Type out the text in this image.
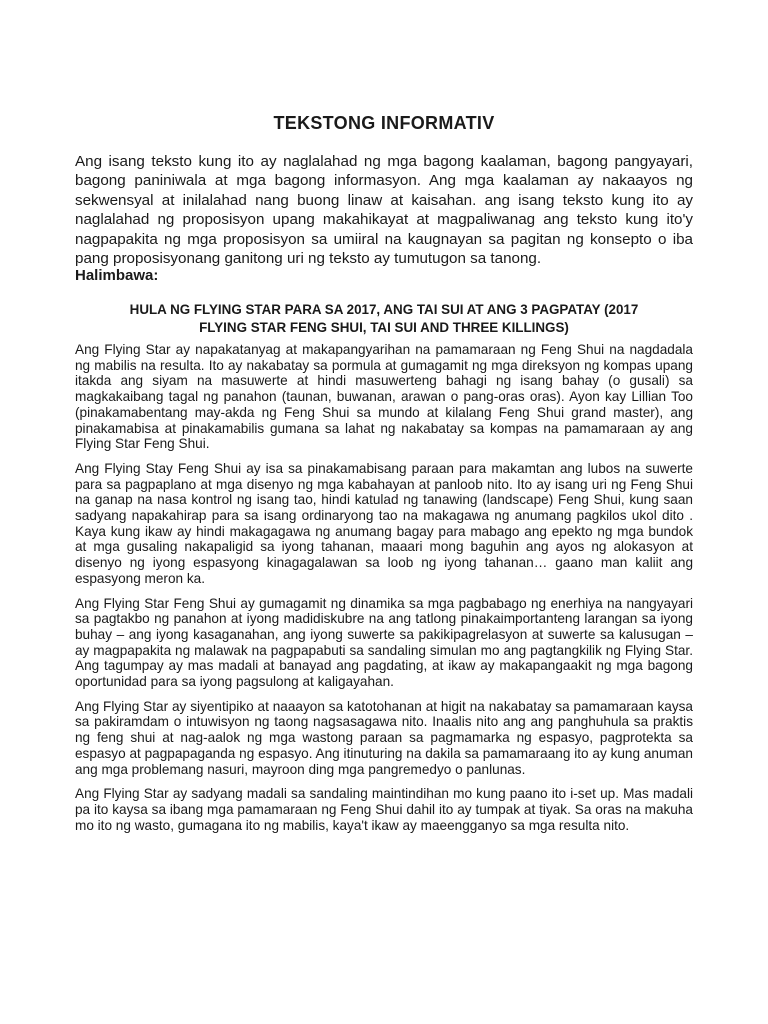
TEKSTONG INFORMATIV

Ang isang teksto kung ito ay naglalahad ng mga bagong kaalaman, bagong pangyayari, bagong paniniwala at mga bagong informasyon. Ang mga kaalaman ay nakaayos ng sekwensyal at inilalahad nang buong linaw at kaisahan. ang isang teksto kung ito ay naglalahad ng proposisyon upang makahikayat at magpaliwanag ang teksto kung ito'y nagpapakita ng mga proposisyon sa umiiral na kaugnayan sa pagitan ng konsepto o iba pang proposisyonang ganitong uri ng teksto ay tumutugon sa tanong.

Halimbawa:
HULA NG FLYING STAR PARA SA 2017, ANG TAI SUI AT ANG 3 PAGPATAY (2017
FLYING STAR FENG SHUI, TAI SUI AND THREE KILLINGS)

Ang Flying Star ay napakatanyag at makapangyarihan na pamamaraan ng Feng Shui na nagdadala ng mabilis na resulta. Ito ay nakabatay sa pormula at gumagamit ng mga direksyon ng kompas upang itakda ang siyam na masuwerte at hindi masuwerteng bahagi ng isang bahay (o gusali) sa magkakaibang tagal ng panahon (taunan, buwanan, arawan o pang-oras oras). Ayon kay Lillian Too (pinakamabentang may-akda ng Feng Shui sa mundo at kilalang Feng Shui grand master), ang pinakamabisa at pinakamabilis gumana sa lahat ng nakabatay sa kompas na pamamaraan ay ang Flying Star Feng Shui.

Ang Flying Stay Feng Shui ay isa sa pinakamabisang paraan para makamtan ang lubos na suwerte para sa pagpaplano at mga disenyo ng mga kabahayan at panloob nito. Ito ay isang uri ng Feng Shui na ganap na nasa kontrol ng isang tao, hindi katulad ng tanawing (landscape) Feng Shui, kung saan sadyang napakahirap para sa isang ordinaryong tao na makagawa ng anumang pagkilos ukol dito . Kaya kung ikaw ay hindi makagagawa ng anumang bagay para mabago ang epekto ng mga bundok at mga gusaling nakapaligid sa iyong tahanan, maaari mong baguhin ang ayos ng alokasyon at disenyo ng iyong espasyong kinagagalawan sa loob ng iyong tahanan… gaano man kaliit ang espasyong meron ka.

Ang Flying Star Feng Shui ay gumagamit ng dinamika sa mga pagbabago ng enerhiya na nangyayari sa pagtakbo ng panahon at iyong madidiskubre na ang tatlong pinakaimportanteng larangan sa iyong buhay – ang iyong kasaganahan, ang iyong suwerte sa pakikipagrelasyon at suwerte sa kalusugan – ay magpapakita ng malawak na pagpapabuti sa sandaling simulan mo ang pagtangkilik ng Flying Star. Ang tagumpay ay mas madali at banayad ang pagdating, at ikaw ay makapangaakit ng mga bagong oportunidad para sa iyong pagsulong at kaligayahan.

Ang Flying Star ay siyentipiko at naaayon sa katotohanan at higit na nakabatay sa pamamaraan kaysa sa pakiramdam o intuwisyon ng taong nagsasagawa nito. Inaalis nito ang ang panghuhula sa praktis ng feng shui at nag-aalok ng mga wastong paraan sa pagmamarka ng espasyo, pagprotekta sa espasyo at pagpapaganda ng espasyo. Ang itinuturing na dakila sa pamamaraang ito ay kung anuman ang mga problemang nasuri, mayroon ding mga pangremedyo o panlunas.

Ang Flying Star ay sadyang madali sa sandaling maintindihan mo kung paano ito i-set up. Mas madali pa ito kaysa sa ibang mga pamamaraan ng Feng Shui dahil ito ay tumpak at tiyak. Sa oras na makuha mo ito ng wasto, gumagana ito ng mabilis, kaya't ikaw ay maeengganyo sa mga resulta nito.
